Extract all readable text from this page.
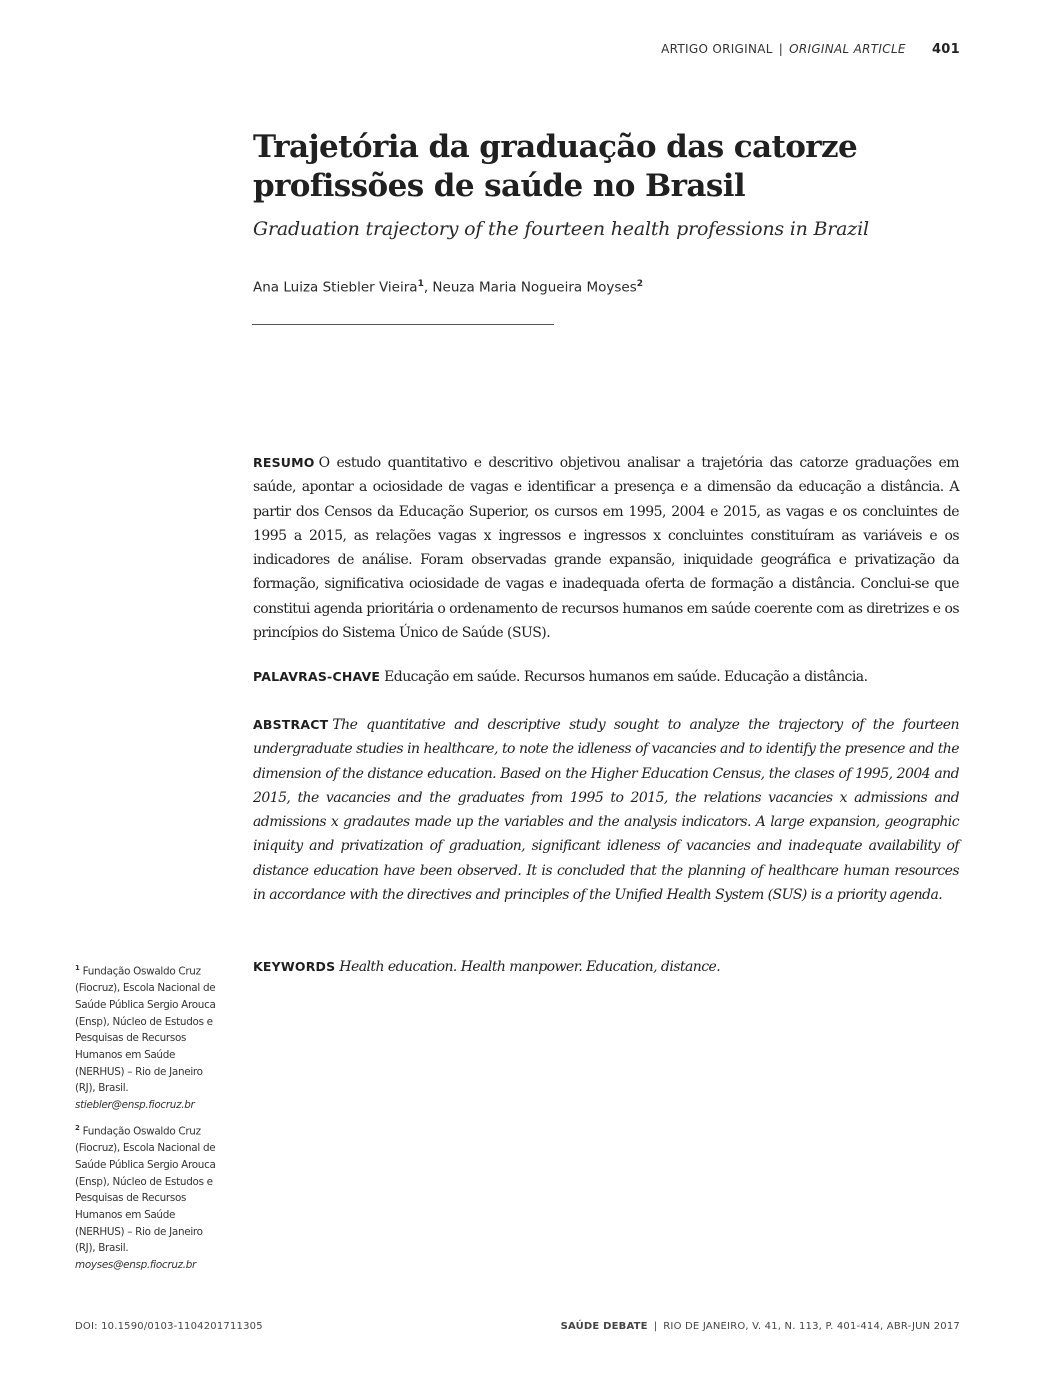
ARTIGO ORIGINAL | ORIGINAL ARTICLE 401
Trajetória da graduação das catorze
profissões de saúde no Brasil

Graduation trajectory of the fourteen health professions in Brazil

Ana Luiza Stiebler Vieira$^1$, Neuza Maria Nogueira Moyses$^2$

RESUMO O estudo quantitativo e descritivo objetivou analisar a trajetória das catorze graduações em saúde, apontar a ociosidade de vagas e identificar a presença e a dimensão da educação a distância. A partir dos Censos da Educação Superior, os cursos em 1995, 2004 e 2015, as vagas e os concluintes de 1995 a 2015, as relações vagas x ingressos e ingressos x concluintes constituíram as variáveis e os indicadores de análise. Foram observadas grande expansão, iniquidade geográfica e privatização da formação, significativa ociosidade de vagas e inadequada oferta de formação a distância. Conclui-se que constitui agenda prioritária o ordenamento de recursos humanos em saúde coerente com as diretrizes e os princípios do Sistema Único de Saúde (SUS).

PALAVRAS-CHAVE Educação em saúde. Recursos humanos em saúde. Educação a distância.

ABSTRACT The quantitative and descriptive study sought to analyze the trajectory of the fourteen undergraduate studies in healthcare, to note the idleness of vacancies and to identify the presence and the dimension of the distance education. Based on the Higher Education Census, the clases of 1995, 2004 and 2015, the vacancies and the graduates from 1995 to 2015, the relations vacancies x admissions and admissions x gradautes made up the variables and the analysis indicators. A large expansion, geographic iniquity and privatization of graduation, significant idleness of vacancies and inadequate availability of distance education have been observed. It is concluded that the planning of healthcare human resources in accordance with the directives and principles of the Unified Health System (SUS) is a priority agenda.

KEYWORDS Health education. Health manpower. Education, distance.

$^1$ Fundação Oswaldo Cruz (Fiocruz), Escola Nacional de Saúde Pública Sergio Arouca (Ensp), Núcleo de Estudos e Pesquisas de Recursos Humanos em Saúde (NERHUS) – Rio de Janeiro (RJ), Brasil.
stiebler@ensp.fiocruz.br
$^2$ Fundação Oswaldo Cruz (Fiocruz), Escola Nacional de Saúde Pública Sergio Arouca (Ensp), Núcleo de Estudos e Pesquisas de Recursos Humanos em Saúde (NERHUS) – Rio de Janeiro (RJ), Brasil.
moyses@ensp.fiocruz.br
DOI: 10.1590/0103-1104201711305	SAÚDE DEBATE | RIO DE JANEIRO, V. 41, N. 113, P. 401-414, ABR-JUN 2017
